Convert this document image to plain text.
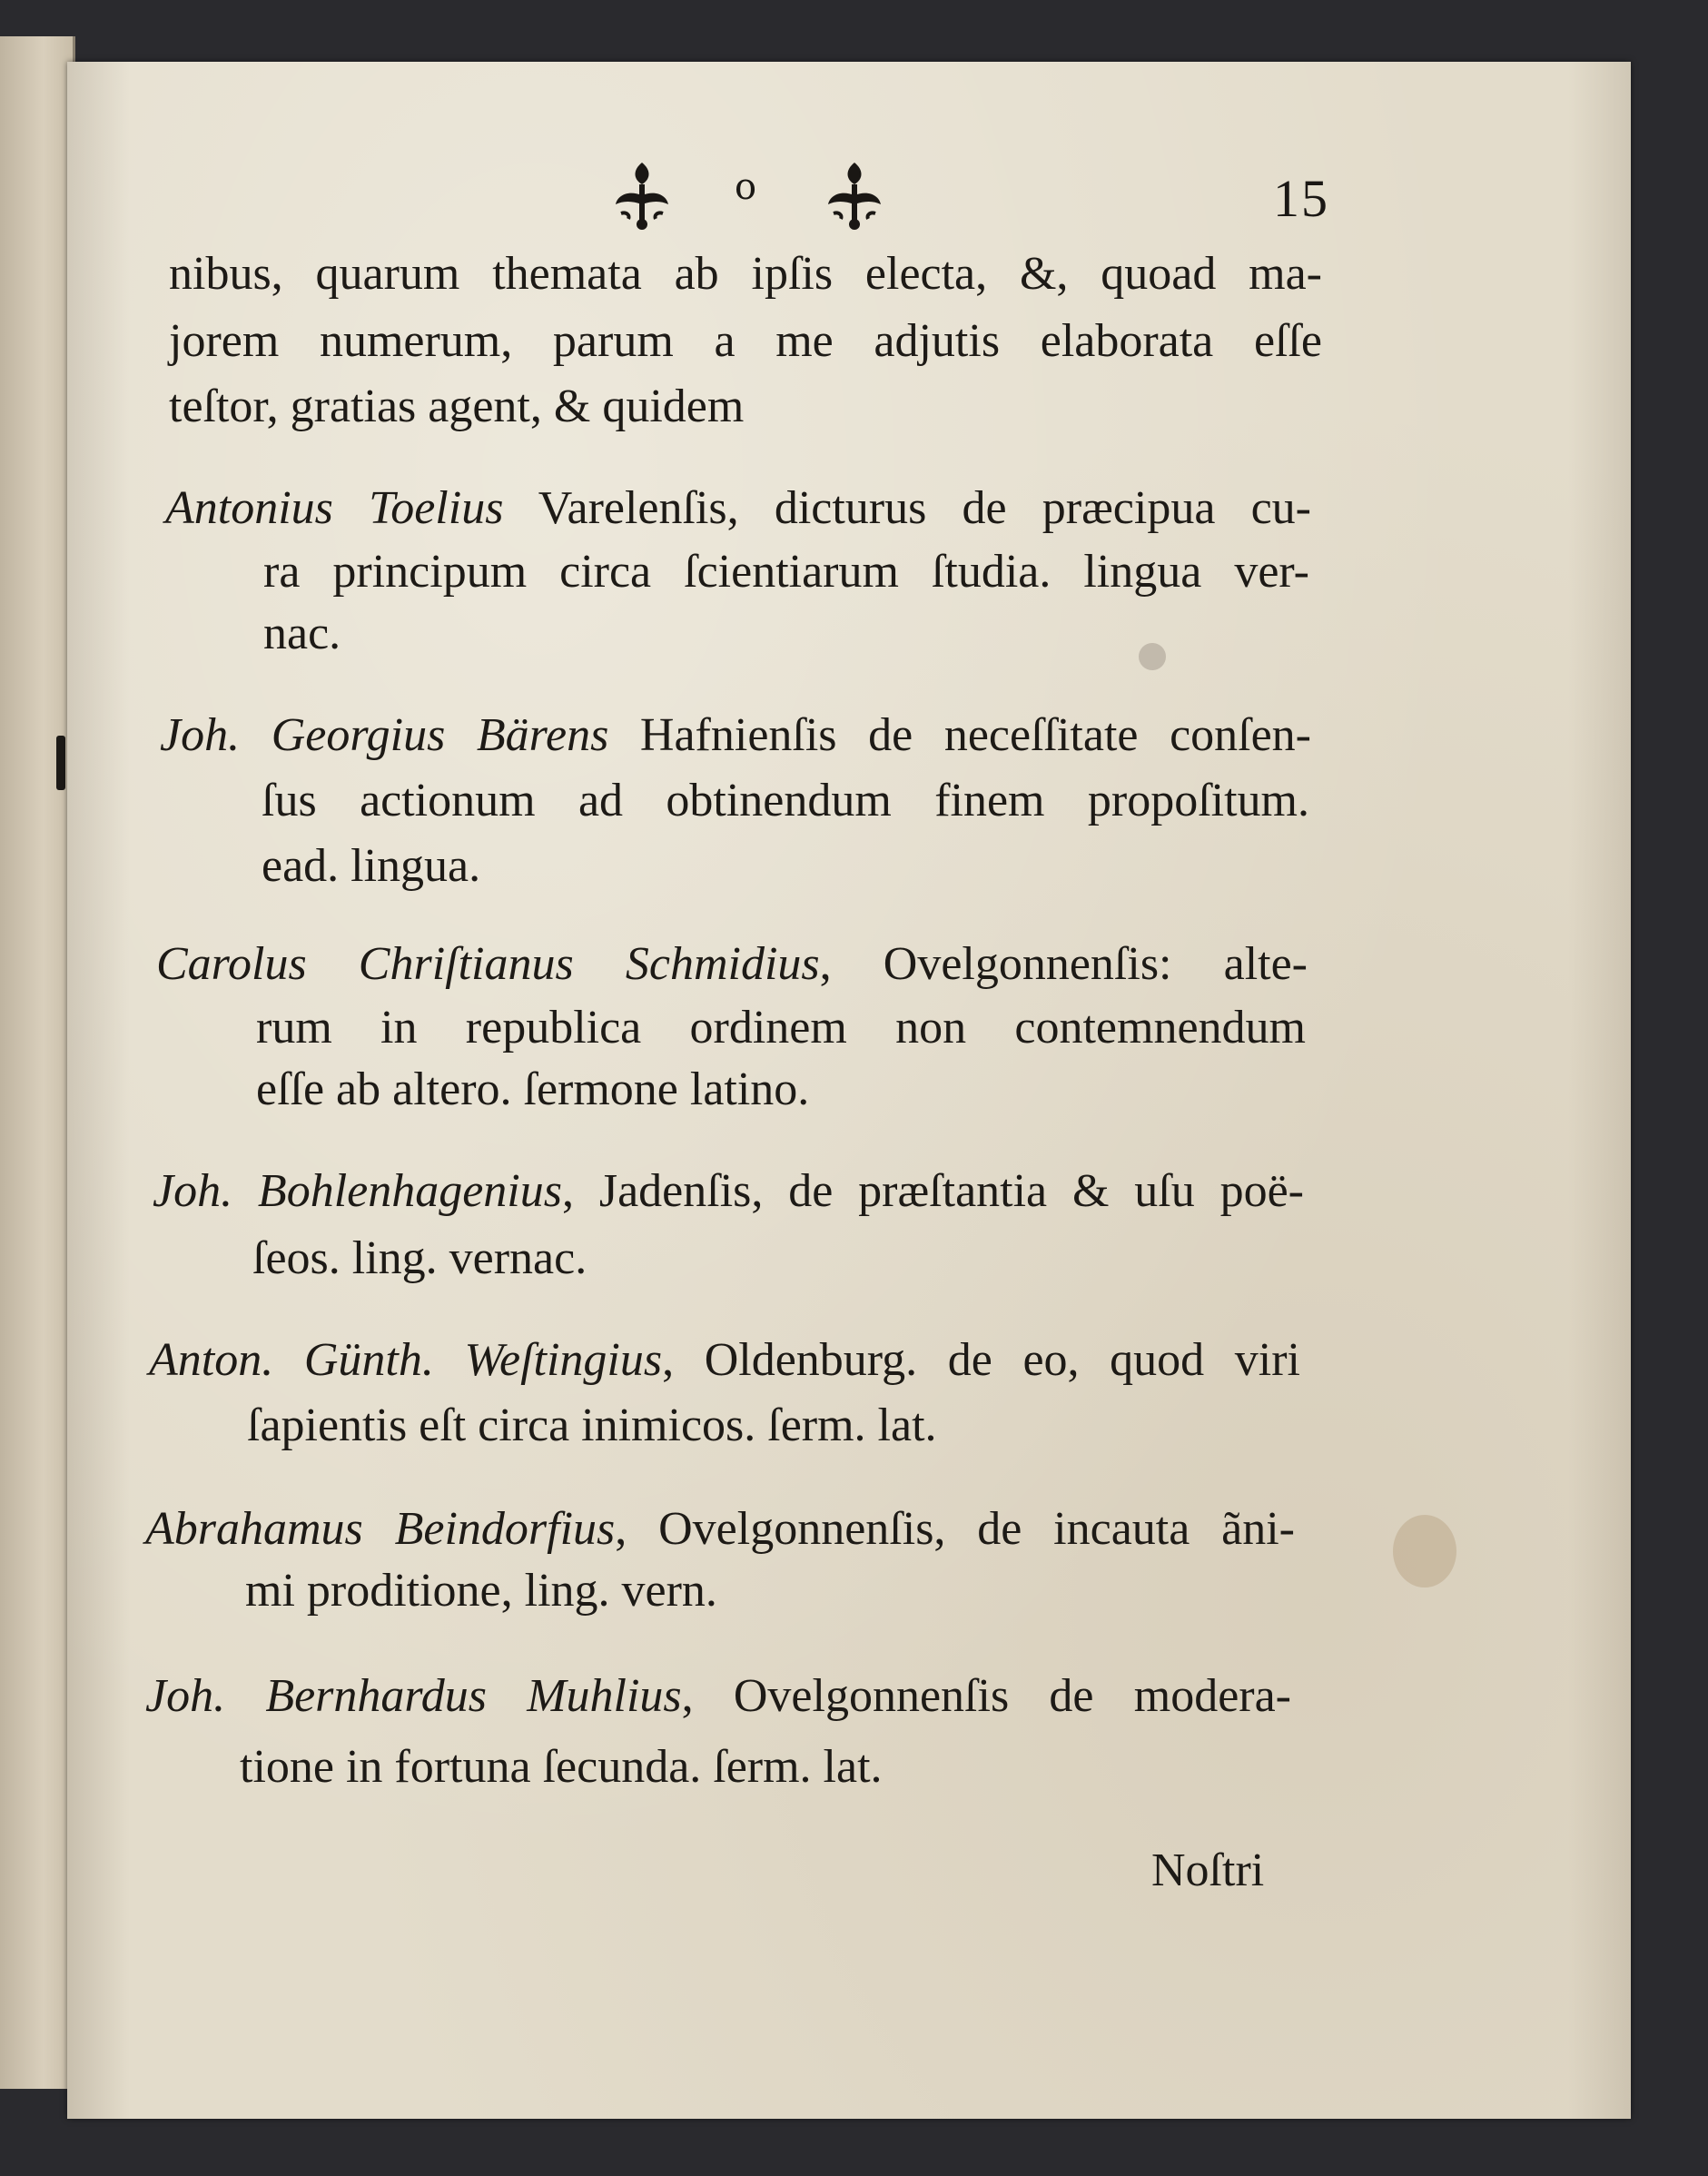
o	15
nibus, quarum themata ab ipſis electa, &, quoad ma-
jorem numerum, parum a me adjutis elaborata eſſe
teſtor, gratias agent, & quidem
Antonius Toelius Varelenſis, dicturus de præcipua cu-
ra principum circa ſcientiarum ſtudia. lingua ver-
nac.
Joh. Georgius Bärens Hafnienſis de neceſſitate conſen-
ſus actionum ad obtinendum finem propoſitum.
ead. lingua.
Carolus Chriſtianus Schmidius, Ovelgonnenſis: alte-
rum in republica ordinem non contemnendum
eſſe ab altero. ſermone latino.
Joh. Bohlenhagenius, Jadenſis, de præſtantia & uſu poë-
ſeos. ling. vernac.
Anton. Günth. Weſtingius, Oldenburg. de eo, quod viri
ſapientis eſt circa inimicos. ſerm. lat.
Abrahamus Beindorfius, Ovelgonnenſis, de incauta ãni-
mi proditione, ling. vern.
Joh. Bernhardus Muhlius, Ovelgonnenſis de modera-
tione in fortuna ſecunda. ſerm. lat.
Noſtri
